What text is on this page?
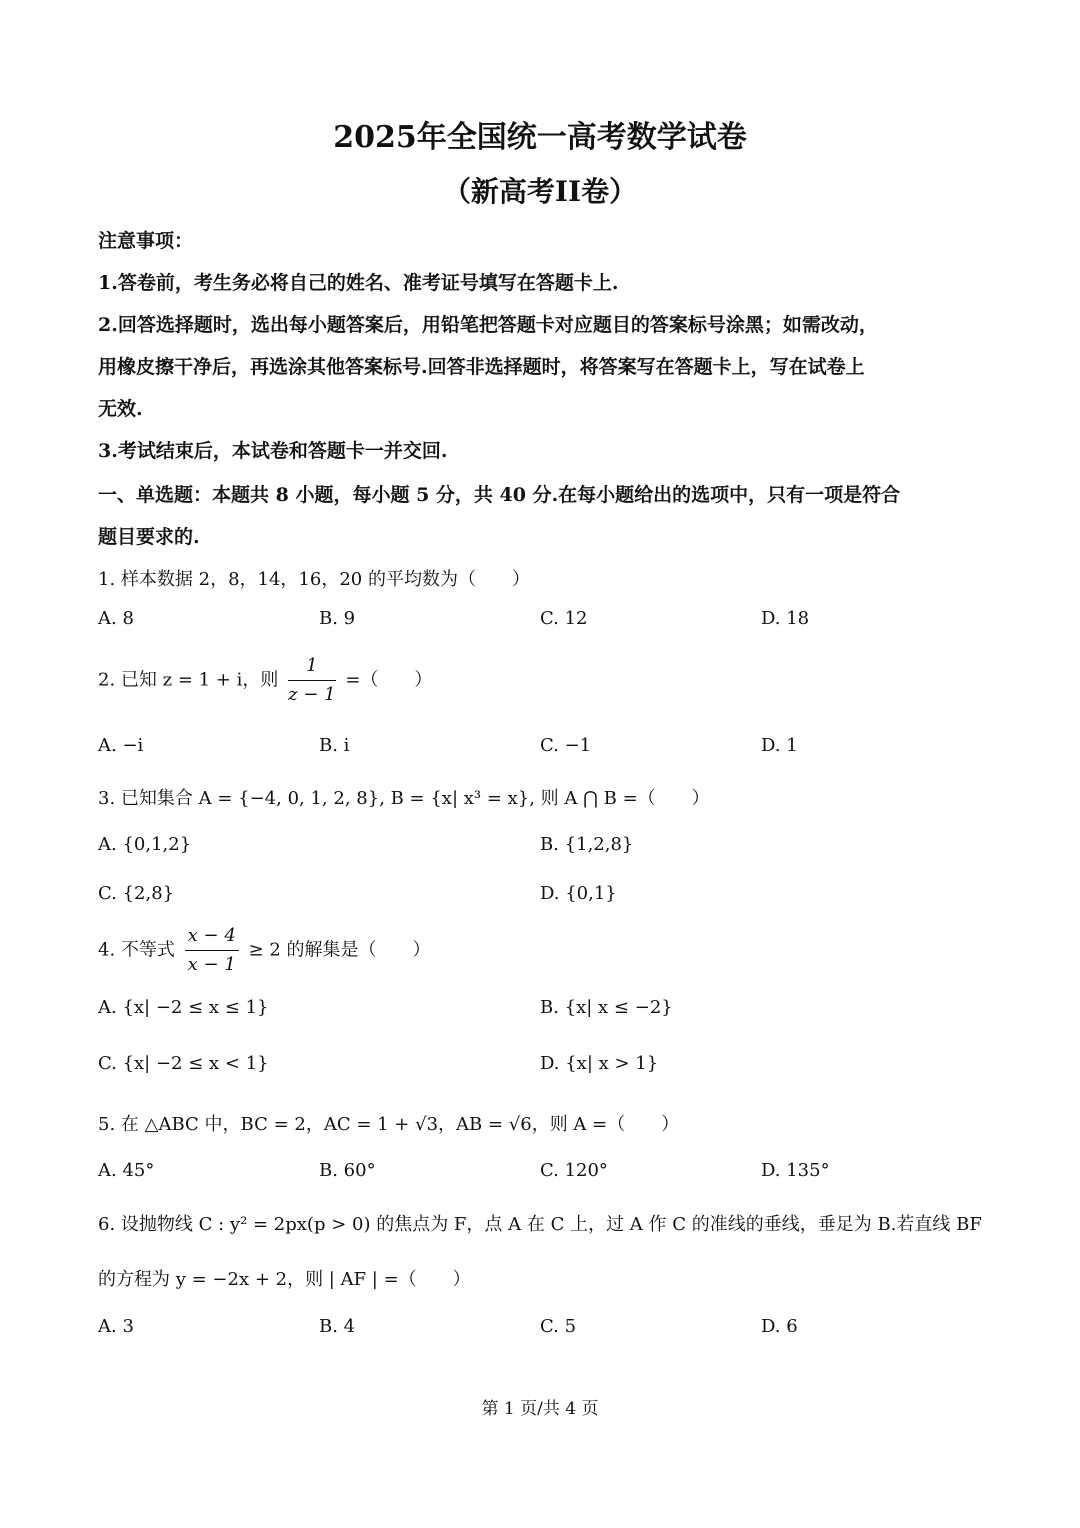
2025年全国统一高考数学试卷
（新高考II卷）
注意事项：
1.答卷前，考生务必将自己的姓名、准考证号填写在答题卡上.
2.回答选择题时，选出每小题答案后，用铅笔把答题卡对应题目的答案标号涂黑；如需改动，
用橡皮擦干净后，再选涂其他答案标号.回答非选择题时，将答案写在答题卡上，写在试卷上
无效.
3.考试结束后，本试卷和答题卡一并交回.
一、单选题：本题共 8 小题，每小题 5 分，共 40 分.在每小题给出的选项中，只有一项是符合
题目要求的.
1. 样本数据 2，8，14，16，20 的平均数为（　　）
A. 8	B. 9	C. 12	D. 18
2. 已知 z = 1 + i，则 $\frac{1}{z - 1}$ =（　　）
A. −i	B. i	C. −1	D. 1
3. 已知集合 A = {−4, 0, 1, 2, 8}, B = {x| x³ = x}, 则 A ⋂ B =（　　）
A. {0,1,2}	B. {1,2,8}
C. {2,8}	D. {0,1}
4. 不等式 $\frac{x - 4}{x - 1} \ge 2$ 的解集是（　　）
A. {x| −2 ≤ x ≤ 1}	B. {x| x ≤ −2}
C. {x| −2 ≤ x < 1}	D. {x| x > 1}
5. 在 △ABC 中，BC = 2，AC = 1 + √3，AB = √6，则 A =（　　）
A. 45°	B. 60°	C. 120°	D. 135°
6. 设抛物线 C : y² = 2px(p > 0) 的焦点为 F，点 A 在 C 上，过 A 作 C 的准线的垂线，垂足为 B.若直线 BF
的方程为 y = −2x + 2，则 | AF | =（　　）
A. 3	B. 4	C. 5	D. 6
第 1 页/共 4 页
